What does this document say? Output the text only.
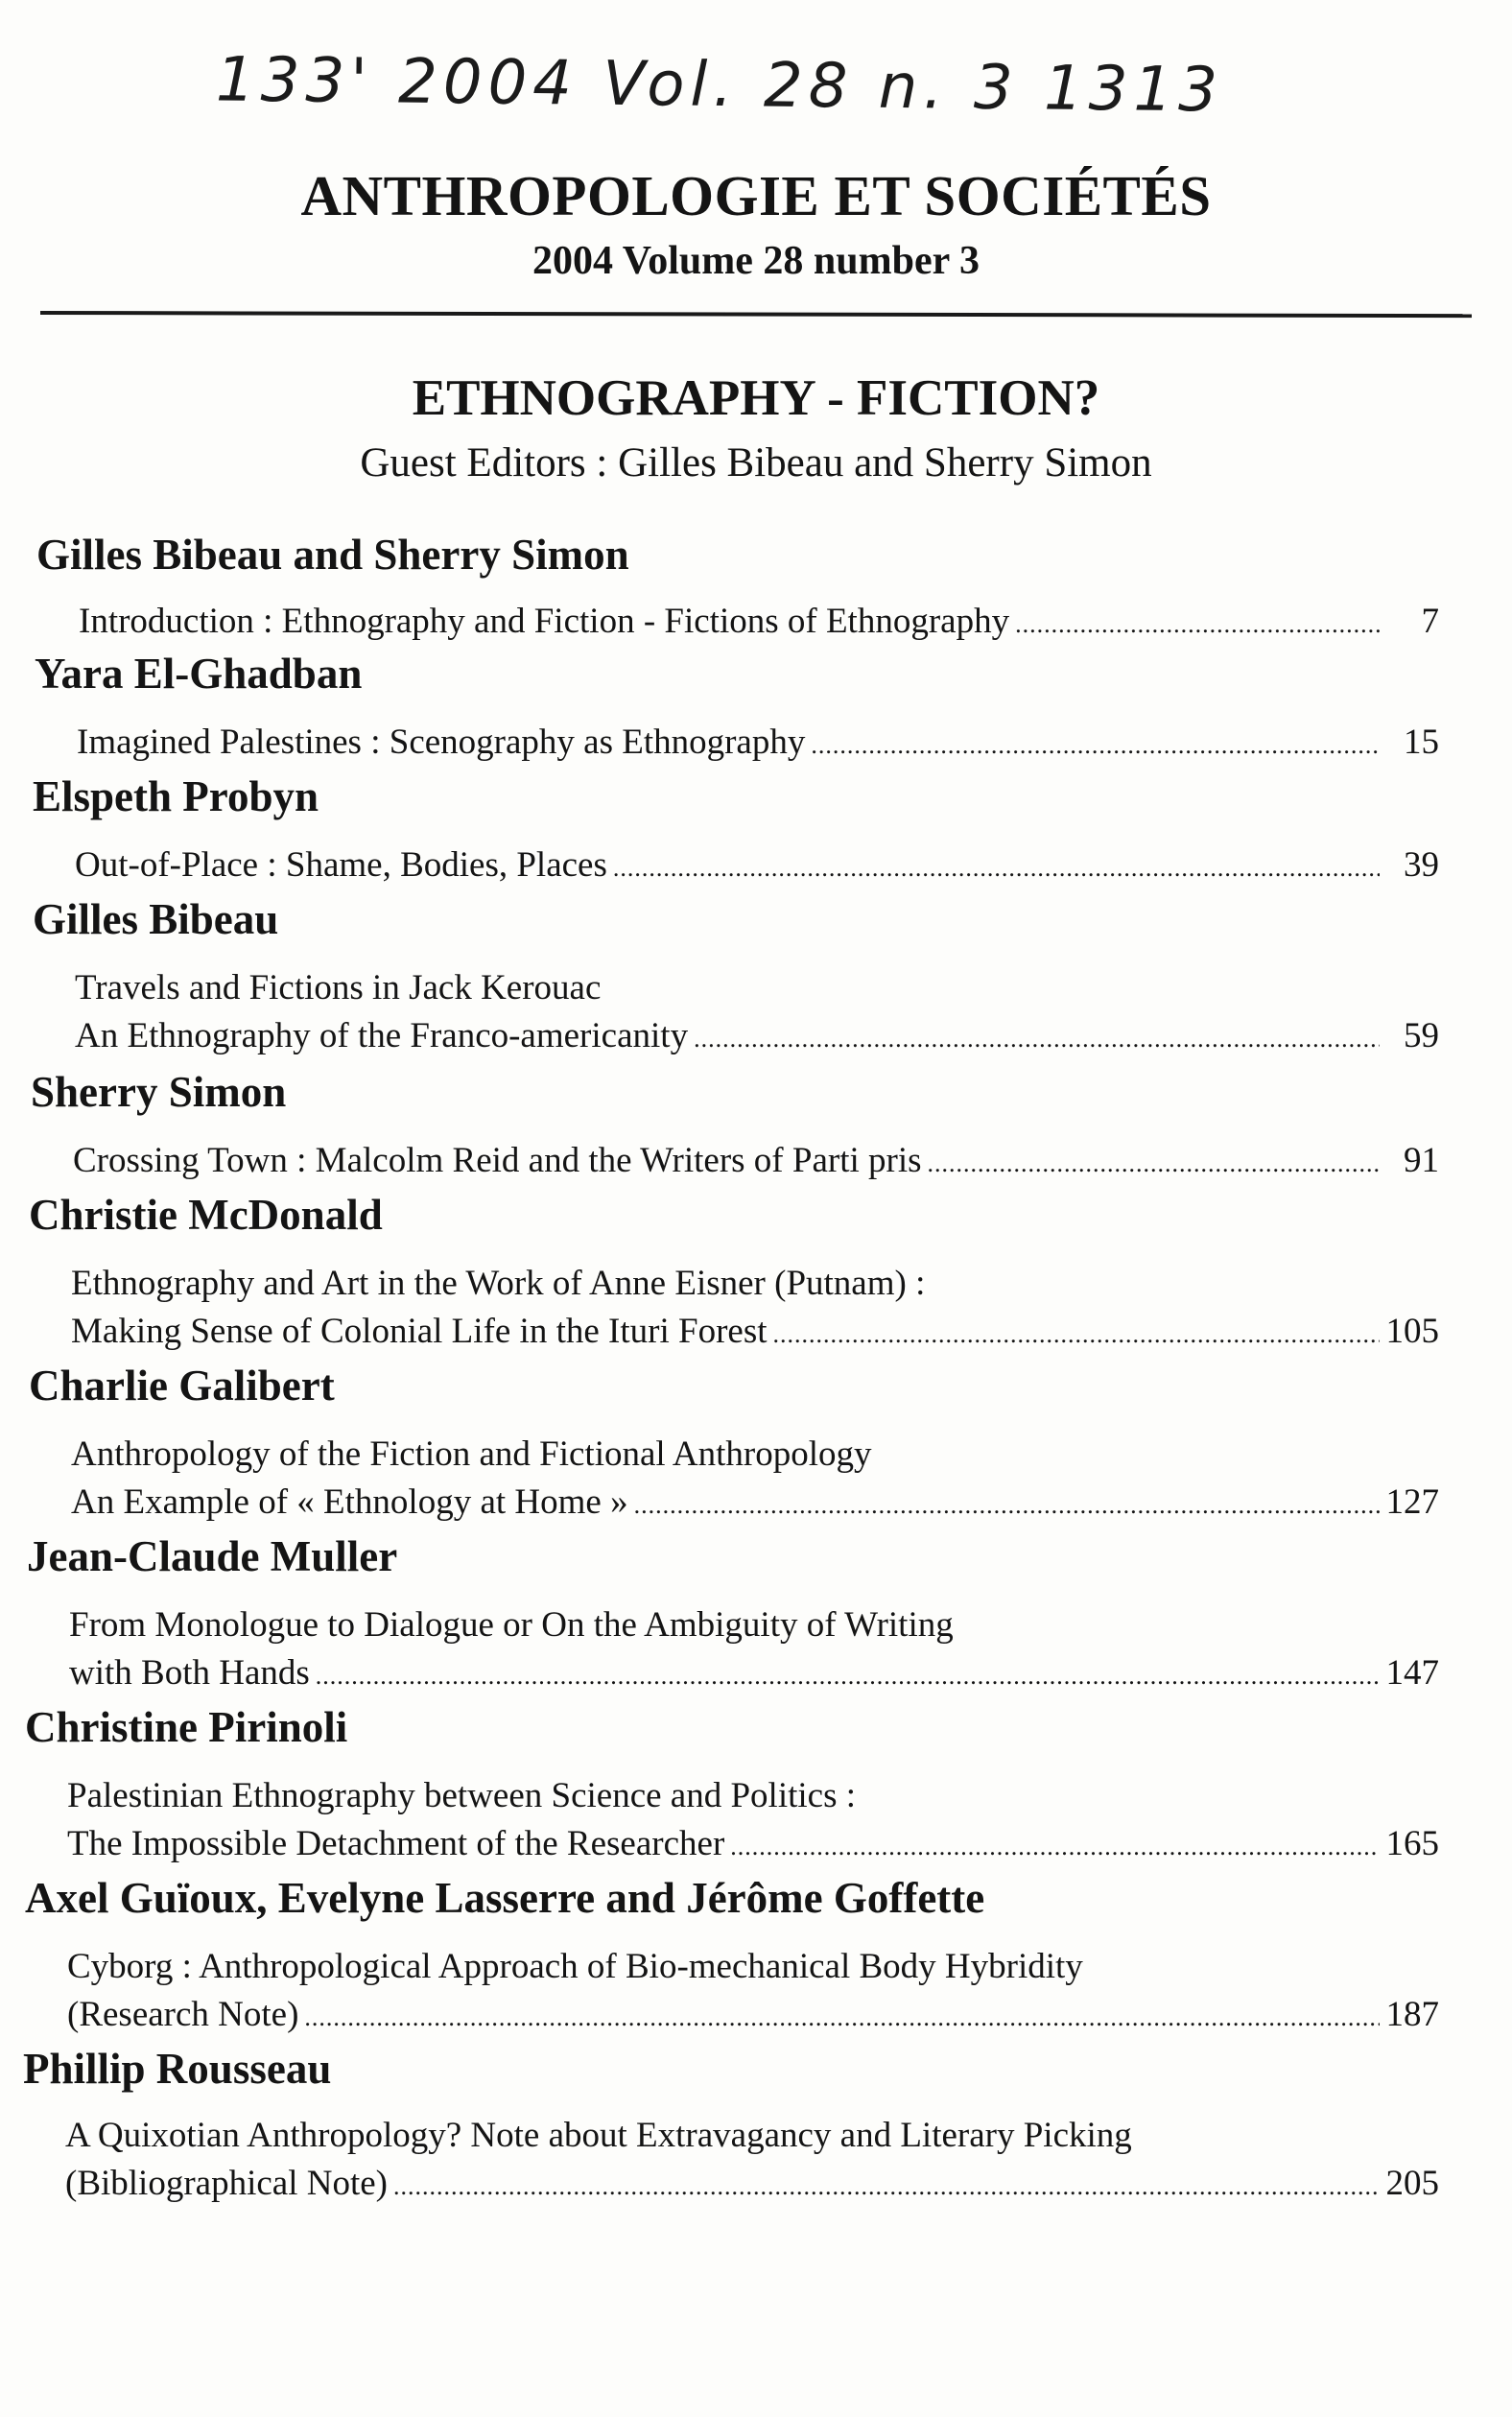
133' 2004 Vol. 28 n. 3 1313
ANTHROPOLOGIE ET SOCIÉTÉS
2004 Volume 28 number 3
ETHNOGRAPHY - FICTION?
Guest Editors : Gilles Bibeau and Sherry Simon
Gilles Bibeau and Sherry Simon
Introduction : Ethnography and Fiction - Fictions of Ethnography .....	7
Yara El-Ghadban
Imagined Palestines : Scenography as Ethnography .....	15
Elspeth Probyn
Out-of-Place : Shame, Bodies, Places .....	39
Gilles Bibeau
Travels and Fictions in Jack Kerouac
An Ethnography of the Franco-americanity .....	59
Sherry Simon
Crossing Town : Malcolm Reid and the Writers of Parti pris .....	91
Christie McDonald
Ethnography and Art in the Work of Anne Eisner (Putnam) :
Making Sense of Colonial Life in the Ituri Forest .....	105
Charlie Galibert
Anthropology of the Fiction and Fictional Anthropology
An Example of « Ethnology at Home » .....	127
Jean-Claude Muller
From Monologue to Dialogue or On the Ambiguity of Writing
with Both Hands .....	147
Christine Pirinoli
Palestinian Ethnography between Science and Politics :
The Impossible Detachment of the Researcher .....	165
Axel Guïoux, Evelyne Lasserre and Jérôme Goffette
Cyborg : Anthropological Approach of Bio-mechanical Body Hybridity
(Research Note) .....	187
Phillip Rousseau
A Quixotian Anthropology? Note about Extravagancy and Literary Picking
(Bibliographical Note) .....	205
